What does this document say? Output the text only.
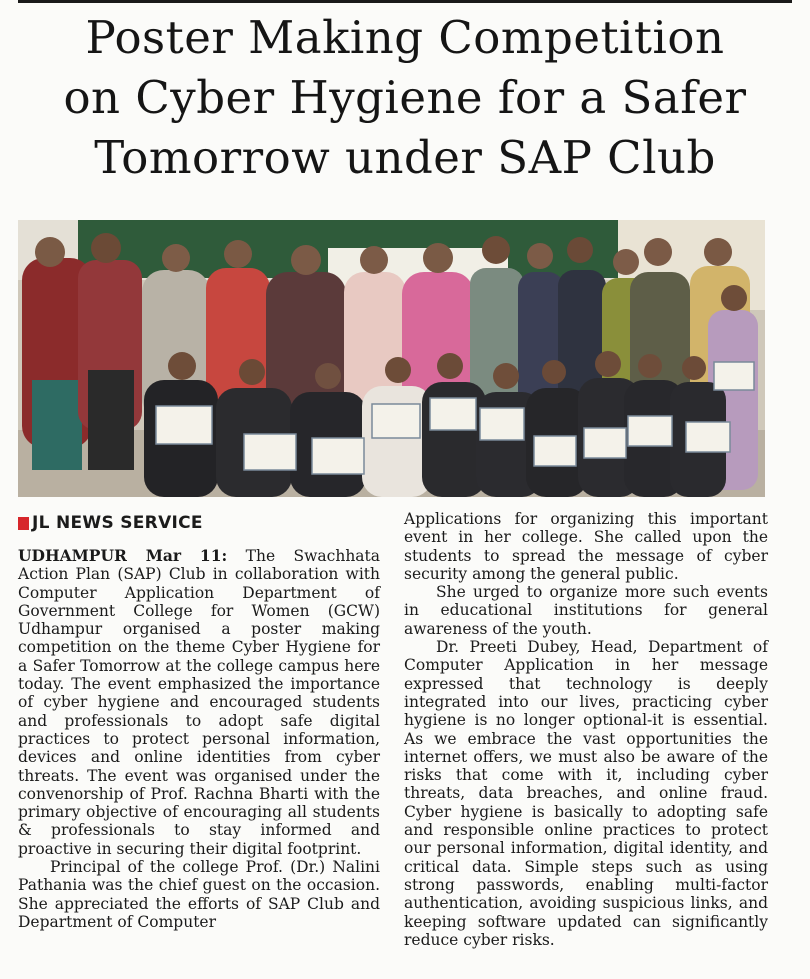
Poster Making Competition
on Cyber Hygiene for a Safer
Tomorrow under SAP Club
JL NEWS SERVICE

UDHAMPUR Mar 11: The Swachhata Action Plan (SAP) Club in collaboration with Computer Application Department of Government College for Women (GCW) Udhampur organised a poster making competition on the theme Cyber Hygiene for a Safer Tomorrow at the college campus here today. The event emphasized the importance of cyber hygiene and encouraged students and professionals to adopt safe digital practices to protect personal information, devices and online identities from cyber threats. The event was organised under the convenorship of Prof. Rachna Bharti with the primary objective of encouraging all students & professionals to stay informed and proactive in securing their digital footprint.

Principal of the college Prof. (Dr.) Nalini Pathania was the chief guest on the occasion. She appreciated the efforts of SAP Club and Department of Computer

Applications for organizing this important event in her college. She called upon the students to spread the message of cyber security among the general public.

She urged to organize more such events in educational institutions for general awareness of the youth.

Dr. Preeti Dubey, Head, Department of Computer Application in her message expressed that technology is deeply integrated into our lives, practicing cyber hygiene is no longer optional-it is essential. As we embrace the vast opportunities the internet offers, we must also be aware of the risks that come with it, including cyber threats, data breaches, and online fraud. Cyber hygiene is basically to adopting safe and responsible online practices to protect our personal information, digital identity, and critical data. Simple steps such as using strong passwords, enabling multi-factor authentication, avoiding suspicious links, and keeping software updated can significantly reduce cyber risks.
